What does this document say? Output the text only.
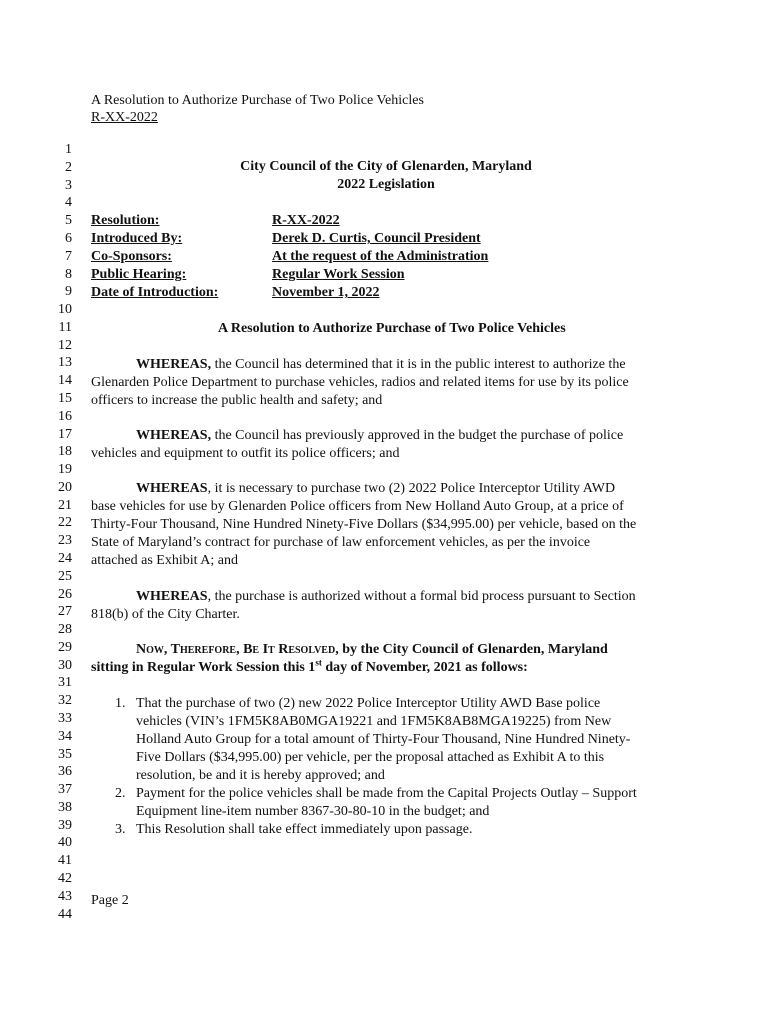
A Resolution to Authorize Purchase of Two Police Vehicles
R-XX-2022
1
2
3
4
5
6
7
8
9
10
11
12
13
14
15
16
17
18
19
20
21
22
23
24
25
26
27
28
29
30
31
32
33
34
35
36
37
38
39
40
41
42
43
44
City Council of the City of Glenarden, Maryland
2022 Legislation
Resolution:	R-XX-2022
Introduced By:	Derek D. Curtis, Council President
Co-Sponsors:	At the request of the Administration
Public Hearing:	Regular Work Session
Date of Introduction:	November 1, 2022
A Resolution to Authorize Purchase of Two Police Vehicles
WHEREAS, the Council has determined that it is in the public interest to authorize the
Glenarden Police Department to purchase vehicles, radios and related items for use by its police
officers to increase the public health and safety; and
WHEREAS, the Council has previously approved in the budget the purchase of police
vehicles and equipment to outfit its police officers; and
WHEREAS, it is necessary to purchase two (2) 2022 Police Interceptor Utility AWD
base vehicles for use by Glenarden Police officers from New Holland Auto Group, at a price of
Thirty-Four Thousand, Nine Hundred Ninety-Five Dollars ($34,995.00) per vehicle, based on the
State of Maryland’s contract for purchase of law enforcement vehicles, as per the invoice
attached as Exhibit A; and
WHEREAS, the purchase is authorized without a formal bid process pursuant to Section
818(b) of the City Charter.
Now, Therefore, Be It Resolved, by the City Council of Glenarden, Maryland
sitting in Regular Work Session this 1st day of November, 2021 as follows:
1. That the purchase of two (2) new 2022 Police Interceptor Utility AWD Base police
vehicles (VIN’s 1FM5K8AB0MGA19221 and 1FM5K8AB8MGA19225) from New
Holland Auto Group for a total amount of Thirty-Four Thousand, Nine Hundred Ninety-
Five Dollars ($34,995.00) per vehicle, per the proposal attached as Exhibit A to this
resolution, be and it is hereby approved; and
2. Payment for the police vehicles shall be made from the Capital Projects Outlay – Support
Equipment line-item number 8367-30-80-10 in the budget; and
3. This Resolution shall take effect immediately upon passage.
Page 2
